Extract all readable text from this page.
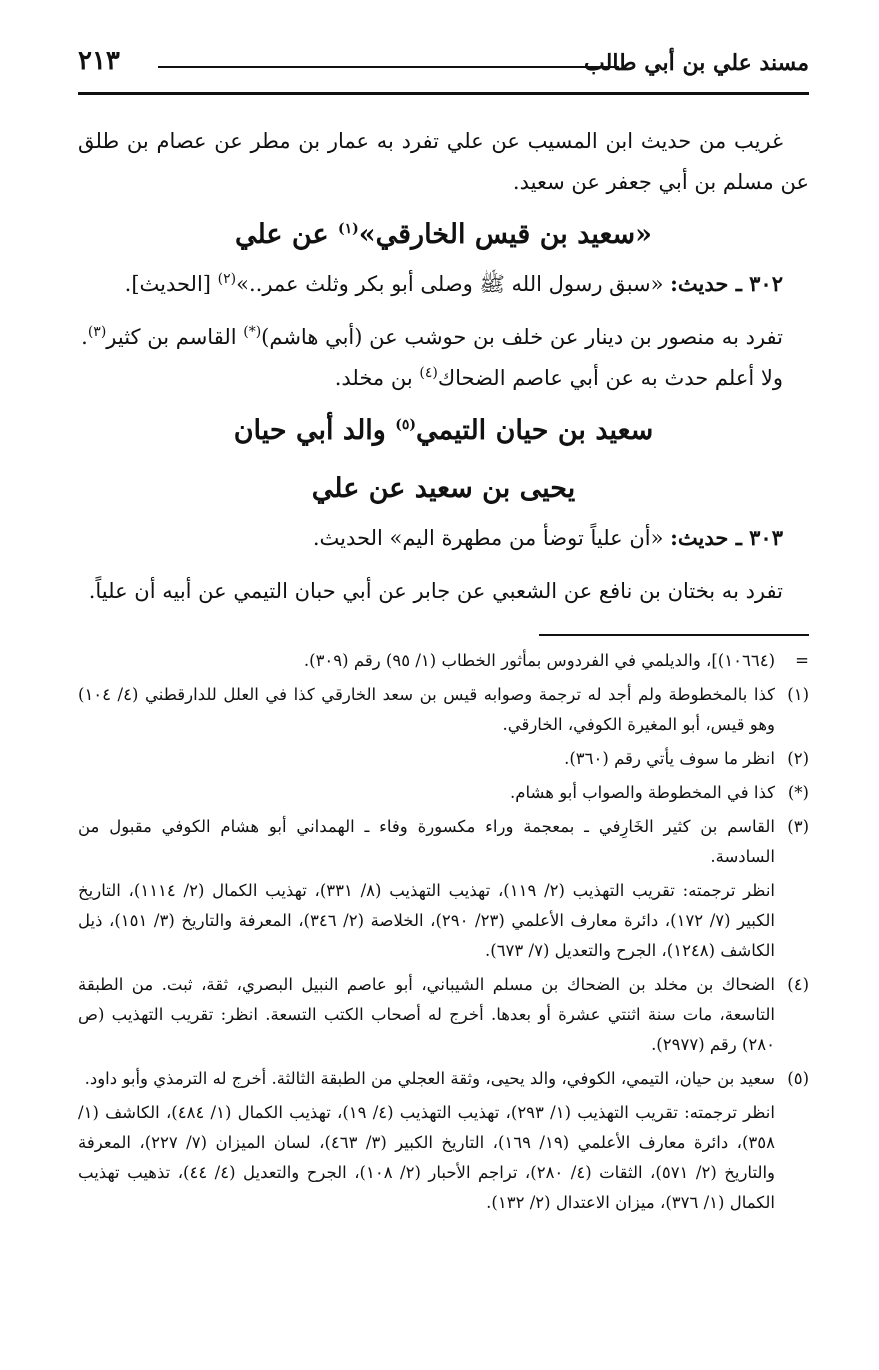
مسند علي بن أبي طالب
٢١٣

غريب من حديث ابن المسيب عن علي تفرد به عمار بن مطر عن عصام بن طلق عن مسلم بن أبي جعفر عن سعيد.

«سعيد بن قيس الخارقي»$^{(١)}$ عن علي

٣٠٢ ـ حديث: «سبق رسول الله ﷺ وصلى أبو بكر وثلث عمر..»$^{(٢)}$ [الحديث].

تفرد به منصور بن دينار عن خلف بن حوشب عن (أبي هاشم)(*) القاسم بن كثير$^{(٣)}$.

ولا أعلم حدث به عن أبي عاصم الضحاك$^{(٤)}$ بن مخلد.

سعيد بن حيان التيمي$^{(٥)}$ والد أبي حيان
يحيى بن سعيد عن علي

٣٠٣ ـ حديث: «أن علياً توضأ من مطهرة اليم» الحديث.

تفرد به بختان بن نافع عن الشعبي عن جابر عن أبي حبان التيمي عن أبيه أن علياً.

=
(١٠٦٦٤)]، والديلمي في الفردوس بمأثور الخطاب (١/ ٩٥) رقم (٣٠٩).
(١)
كذا بالمخطوطة ولم أجد له ترجمة وصوابه قيس بن سعد الخارقي كذا في العلل للدارقطني (٤/ ١٠٤) وهو قيس، أبو المغيرة الكوفي، الخارقي.
(٢)
انظر ما سوف يأتي رقم (٣٦٠).
(*)
كذا في المخطوطة والصواب أبو هشام.
(٣)
القاسم بن كثير الخَارِفي ـ بمعجمة وراء مكسورة وفاء ـ الهمداني أبو هشام الكوفي مقبول من السادسة.
انظر ترجمته: تقريب التهذيب (٢/ ١١٩)، تهذيب التهذيب (٨/ ٣٣١)، تهذيب الكمال (٢/ ١١١٤)، التاريخ الكبير (٧/ ١٧٢)، دائرة معارف الأعلمي (٢٣/ ٢٩٠)، الخلاصة (٢/ ٣٤٦)، المعرفة والتاريخ (٣/ ١٥١)، ذيل الكاشف (١٢٤٨)، الجرح والتعديل (٧/ ٦٧٣).
(٤)
الضحاك بن مخلد بن الضحاك بن مسلم الشيباني، أبو عاصم النبيل البصري، ثقة، ثبت. من الطبقة التاسعة، مات سنة اثنتي عشرة أو بعدها. أخرج له أصحاب الكتب التسعة. انظر: تقريب التهذيب (ص ٢٨٠) رقم (٢٩٧٧).
(٥)
سعيد بن حيان، التيمي، الكوفي، والد يحيى، وثقة العجلي من الطبقة الثالثة. أخرج له الترمذي وأبو داود.
انظر ترجمته: تقريب التهذيب (١/ ٢٩٣)، تهذيب التهذيب (٤/ ١٩)، تهذيب الكمال (١/ ٤٨٤)، الكاشف (١/ ٣٥٨)، دائرة معارف الأعلمي (١٩/ ١٦٩)، التاريخ الكبير (٣/ ٤٦٣)، لسان الميزان (٧/ ٢٢٧)، المعرفة والتاريخ (٢/ ٥٧١)، الثقات (٤/ ٢٨٠)، تراجم الأحبار (٢/ ١٠٨)، الجرح والتعديل (٤/ ٤٤)، تذهيب تهذيب الكمال (١/ ٣٧٦)، ميزان الاعتدال (٢/ ١٣٢).
